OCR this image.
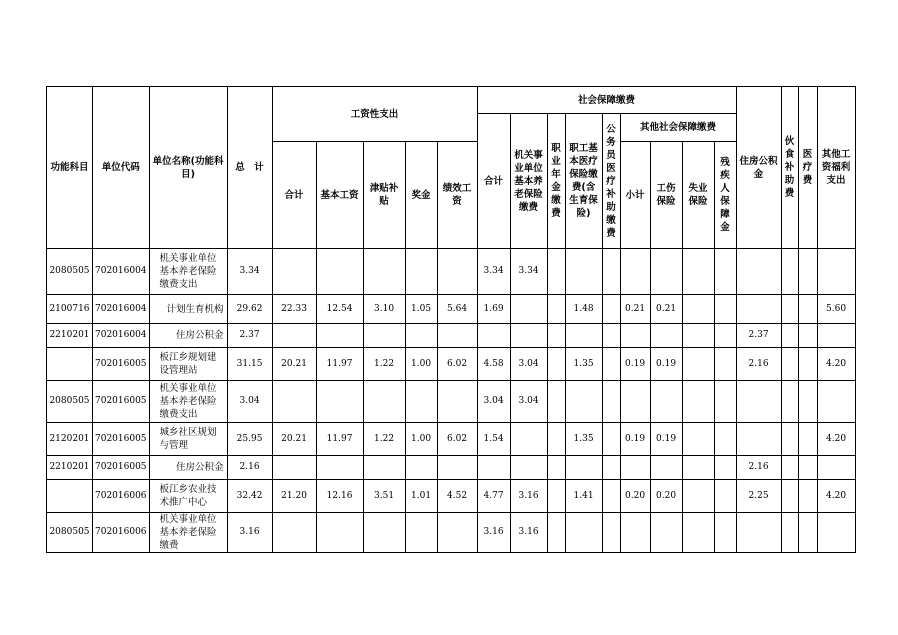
功能科目	单位代码	单位名称(功能科目)	总　计	工资性支出					社会保障缴费									住房公积金	伙食补助费	医疗费	其他工资福利支出
									合计	机关事业单位基本养老保险缴费	职业年金缴费	职工基本医疗保险缴费(含生育保险)	公务员医疗补助缴费	其他社会保障缴费							
				合计	基本工资	津贴补贴	奖金	绩效工资						小计	工伤保险	失业保险	残疾人保障金				
2080505	702016004	机关事业单位基本养老保险缴费支出	3.34						3.34	3.34											
2100716	702016004	计划生育机构	29.62	22.33	12.54	3.10	1.05	5.64	1.69			1.48		0.21	0.21						5.60
2210201	702016004	住房公积金	2.37															2.37			
	702016005	板江乡规划建设管理站	31.15	20.21	11.97	1.22	1.00	6.02	4.58	3.04		1.35		0.19	0.19			2.16			4.20
2080505	702016005	机关事业单位基本养老保险缴费支出	3.04						3.04	3.04											
2120201	702016005	城乡社区规划与管理	25.95	20.21	11.97	1.22	1.00	6.02	1.54			1.35		0.19	0.19						4.20
2210201	702016005	住房公积金	2.16															2.16			
	702016006	板江乡农业技术推广中心	32.42	21.20	12.16	3.51	1.01	4.52	4.77	3.16		1.41		0.20	0.20			2.25			4.20
2080505	702016006	机关事业单位基本养老保险缴费	3.16						3.16	3.16											
